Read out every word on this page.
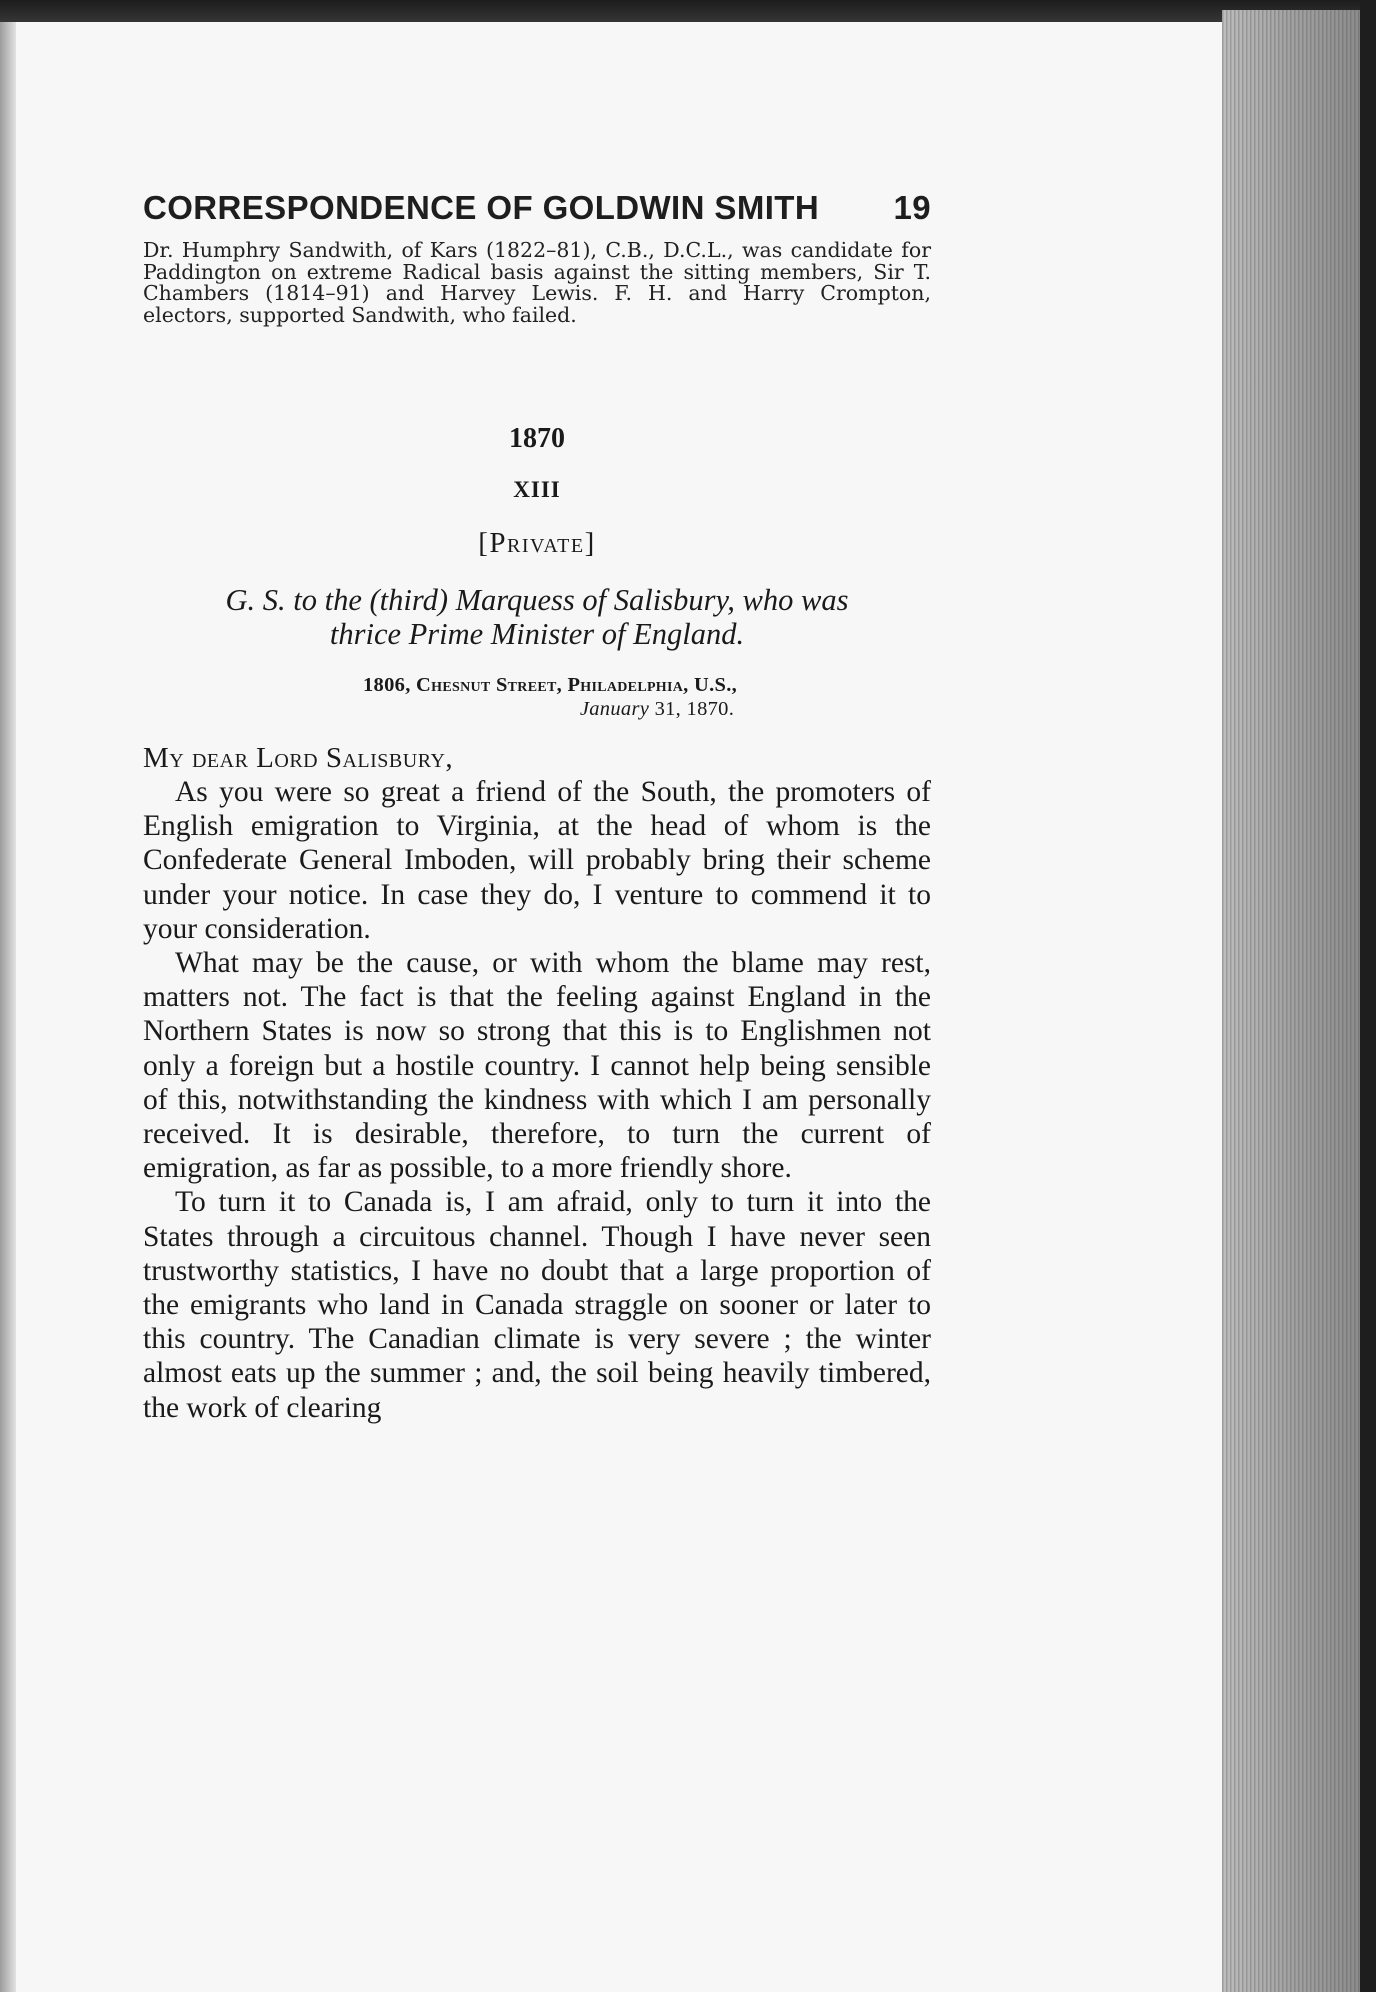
CORRESPONDENCE OF GOLDWIN SMITH 19
Dr. Humphry Sandwith, of Kars (1822–81), C.B., D.C.L., was candidate for Paddington on extreme Radical basis against the sitting members, Sir T. Chambers (1814–91) and Harvey Lewis. F. H. and Harry Crompton, electors, supported Sandwith, who failed.
1870
XIII
[Private]
G. S. to the (third) Marquess of Salisbury, who was
thrice Prime Minister of England.
1806, Chesnut Street, Philadelphia, U.S.,
January 31, 1870.
My dear Lord Salisbury,

As you were so great a friend of the South, the promoters of English emigration to Virginia, at the head of whom is the Confederate General Imboden, will probably bring their scheme under your notice. In case they do, I venture to commend it to your consideration.

What may be the cause, or with whom the blame may rest, matters not. The fact is that the feeling against England in the Northern States is now so strong that this is to Englishmen not only a foreign but a hostile country. I cannot help being sensible of this, notwithstanding the kindness with which I am personally received. It is desirable, therefore, to turn the current of emigration, as far as possible, to a more friendly shore.

To turn it to Canada is, I am afraid, only to turn it into the States through a circuitous channel. Though I have never seen trustworthy statistics, I have no doubt that a large proportion of the emigrants who land in Canada straggle on sooner or later to this country. The Canadian climate is very severe ; the winter almost eats up the summer ; and, the soil being heavily timbered, the work of clearing
